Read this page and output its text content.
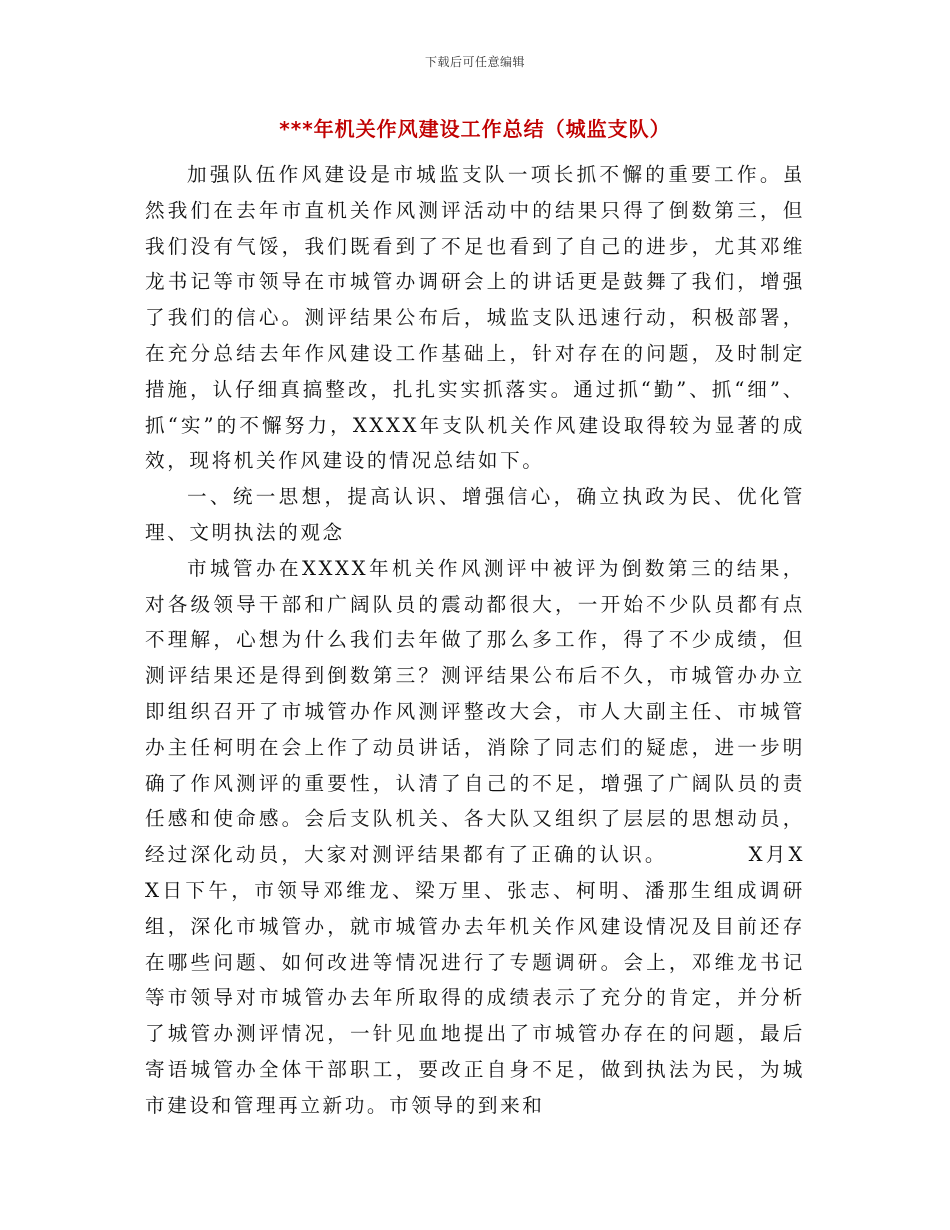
下载后可任意编辑
***年机关作风建设工作总结（城监支队）

加强队伍作风建设是市城监支队一项长抓不懈的重要工作。虽然我们在去年市直机关作风测评活动中的结果只得了倒数第三，但我们没有气馁，我们既看到了不足也看到了自己的进步，尤其邓维龙书记等市领导在市城管办调研会上的讲话更是鼓舞了我们，增强了我们的信心。测评结果公布后，城监支队迅速行动，积极部署，在充分总结去年作风建设工作基础上，针对存在的问题，及时制定措施，认仔细真搞整改，扎扎实实抓落实。通过抓“勤”、抓“细”、抓“实”的不懈努力，XXXX年支队机关作风建设取得较为显著的成效，现将机关作风建设的情况总结如下。

一、统一思想，提高认识、增强信心，确立执政为民、优化管理、文明执法的观念

市城管办在XXXX年机关作风测评中被评为倒数第三的结果，对各级领导干部和广阔队员的震动都很大，一开始不少队员都有点不理解，心想为什么我们去年做了那么多工作，得了不少成绩，但测评结果还是得到倒数第三？测评结果公布后不久，市城管办办立即组织召开了市城管办作风测评整改大会，市人大副主任、市城管办主任柯明在会上作了动员讲话，消除了同志们的疑虑，进一步明确了作风测评的重要性，认清了自己的不足，增强了广阔队员的责任感和使命感。会后支队机关、各大队又组织了层层的思想动员，经过深化动员，大家对测评结果都有了正确的认识。　　　　X月XX日下午，市领导邓维龙、梁万里、张志、柯明、潘那生组成调研组，深化市城管办，就市城管办去年机关作风建设情况及目前还存在哪些问题、如何改进等情况进行了专题调研。会上，邓维龙书记等市领导对市城管办去年所取得的成绩表示了充分的肯定，并分析了城管办测评情况，一针见血地提出了市城管办存在的问题，最后寄语城管办全体干部职工，要改正自身不足，做到执法为民，为城市建设和管理再立新功。市领导的到来和
